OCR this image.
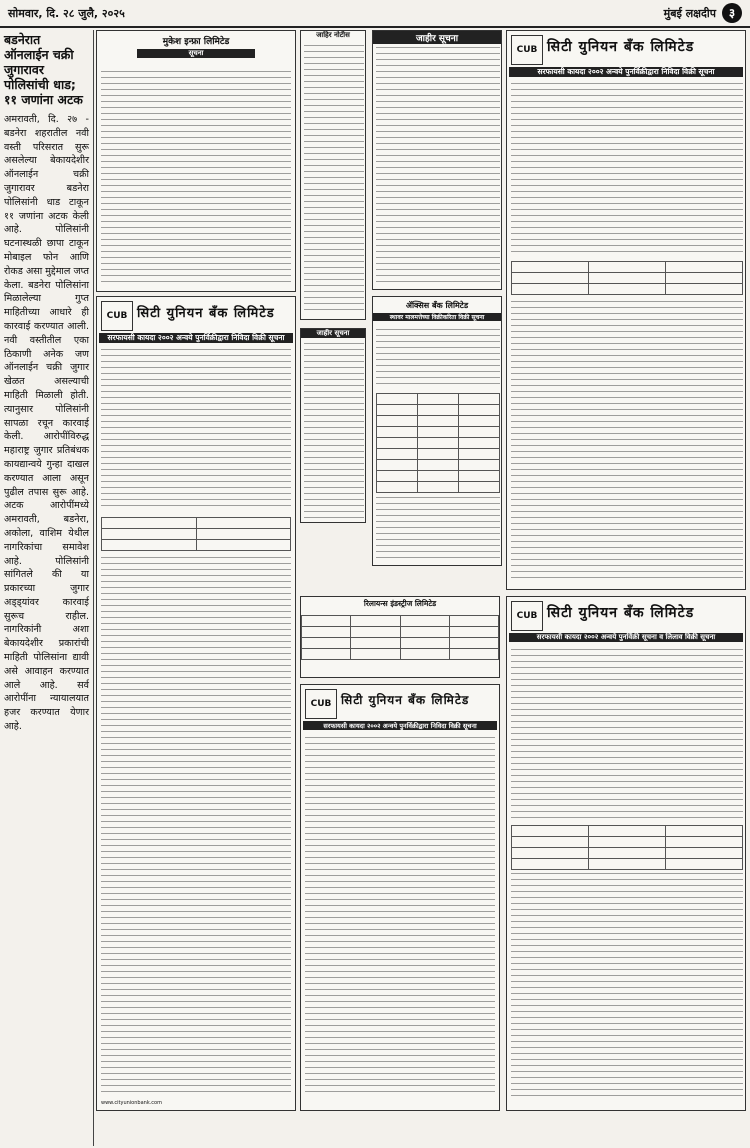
सोमवार, दि. २८ जुलै, २०२५	मुंबई लक्षदीप	३
बडनेरात ऑनलाईन चक्री जुगारावर पोलिसांची धाड; ११ जणांना अटक
अमरावती, दि. २७ - बडनेरा शहरातील नवी वस्ती परिसरात सुरू असलेल्या बेकायदेशीर ऑनलाईन चक्री जुगारावर बडनेरा पोलिसांनी धाड टाकून ११ जणांना अटक केली आहे. पोलिसांनी घटनास्थळी छापा टाकून मोबाइल फोन आणि रोकड असा मुद्देमाल जप्त केला. बडनेरा पोलिसांना मिळालेल्या गुप्त माहितीच्या आधारे ही कारवाई करण्यात आली. नवी वस्तीतील एका ठिकाणी अनेक जण ऑनलाईन चक्री जुगार खेळत असल्याची माहिती मिळाली होती. त्यानुसार पोलिसांनी सापळा रचून कारवाई केली. आरोपींविरुद्ध महाराष्ट्र जुगार प्रतिबंधक कायद्यान्वये गुन्हा दाखल करण्यात आला असून पुढील तपास सुरू आहे. अटक आरोपींमध्ये अमरावती, बडनेरा, अकोला, वाशिम येथील नागरिकांचा समावेश आहे. पोलिसांनी सांगितले की या प्रकारच्या जुगार अड्ड्यांवर कारवाई सुरूच राहील. नागरिकांनी अशा बेकायदेशीर प्रकारांची माहिती पोलिसांना द्यावी असे आवाहन करण्यात आले आहे. सर्व आरोपींना न्यायालयात हजर करण्यात येणार आहे.
मुकेश इन्फ्रा लिमिटेड
सूचना
CUB सिटी युनियन बँक लिमिटेड
सरफायसी कायदा २००२ अन्वये पुनर्विक्रीद्वारा निविदा विक्री सूचना

www.cityunionbank.com
जाहिर नोटीस
जाहीर सूचना
जाहीर सूचना
CUB सिटी युनियन बँक लिमिटेड
सरफायसी कायदा २००२ अन्वये पुनर्विक्रीद्वारा निविदा विक्री सूचना

ॲक्सिस बँक लिमिटेड
स्थावर मालमत्तेच्या विक्रीकरिता विक्री सूचना

रिलायन्स इंडस्ट्रीज लिमिटेड

CUB सिटी युनियन बँक लिमिटेड
सरफायसी कायदा २००२ अन्वये पुनर्विक्रीद्वारा निविदा विक्री सूचना
CUB सिटी युनियन बँक लिमिटेड
सरफायसी कायदा २००२ अन्वये पुनर्विक्री सूचना व लिलाव विक्री सूचना
